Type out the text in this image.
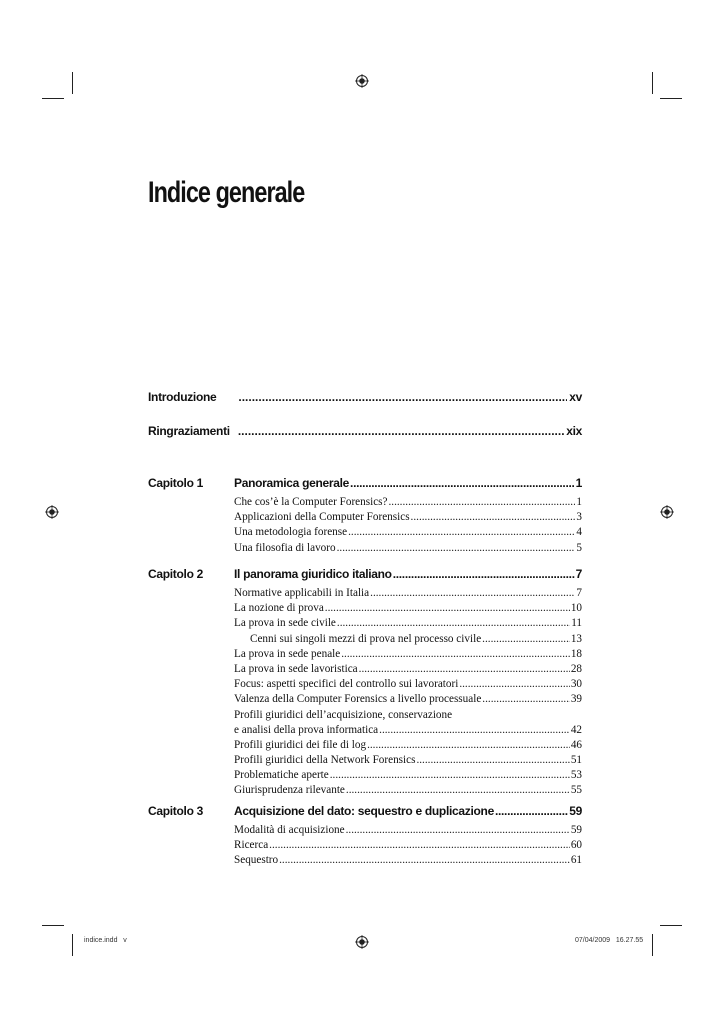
Indice generale
Introduzione .....	xv
Ringraziamenti .....	xix
Capitolo 1	Panoramica generale .....	1
Che cos’è la Computer Forensics? .....	1
Applicazioni della Computer Forensics .....	3
Una metodologia forense .....	4
Una filosofia di lavoro .....	5
Capitolo 2	Il panorama giuridico italiano .....	7
Normative applicabili in Italia .....	7
La nozione di prova .....	10
La prova in sede civile .....	11
Cenni sui singoli mezzi di prova nel processo civile .....	13
La prova in sede penale .....	18
La prova in sede lavoristica .....	28
Focus: aspetti specifici del controllo sui lavoratori .....	30
Valenza della Computer Forensics a livello processuale .....	39
Profili giuridici dell’acquisizione, conservazione
e analisi della prova informatica .....	42
Profili giuridici dei file di log .....	46
Profili giuridici della Network Forensics .....	51
Problematiche aperte .....	53
Giurisprudenza rilevante .....	55
Capitolo 3	Acquisizione del dato: sequestro e duplicazione .....	59
Modalità di acquisizione .....	59
Ricerca .....	60
Sequestro .....	61
indice.indd   v	07/04/2009   16.27.55
